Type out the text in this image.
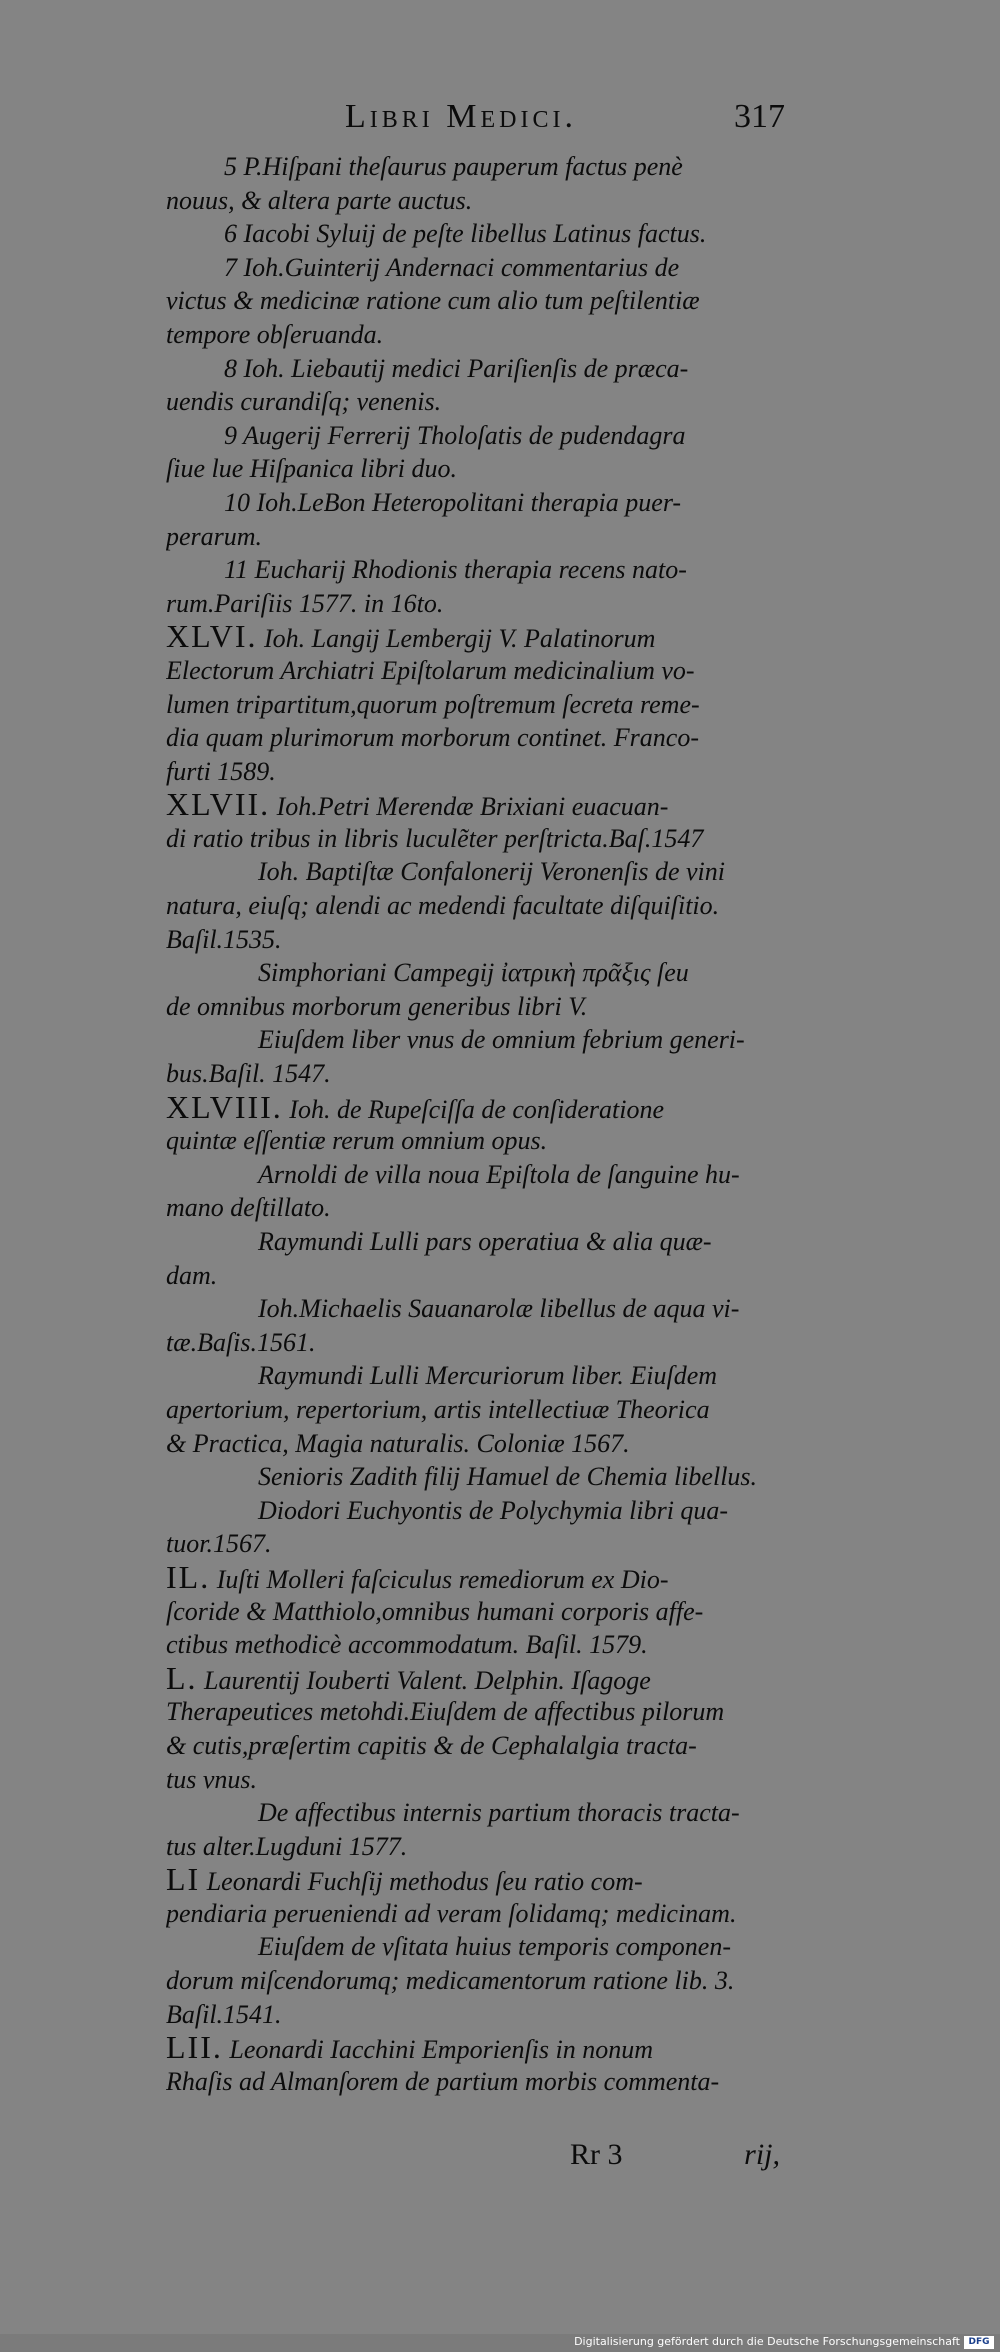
Libri Medici.	317
5 P.Hiſpani theſaurus pauperum factus penè
nouus, & altera parte auctus.
6 Iacobi Syluij de peſte libellus Latinus factus.
7 Ioh.Guinterij Andernaci commentarius de
victus & medicinæ ratione cum alio tum peſtilentiæ
tempore obſeruanda.
8 Ioh. Liebautij medici Pariſienſis de præca-
uendis curandiſq; venenis.
9 Augerij Ferrerij Tholoſatis de pudendagra
ſiue lue Hiſpanica libri duo.
10 Ioh.LeBon Heteropolitani therapia puer-
perarum.
11 Eucharij Rhodionis therapia recens nato-
rum.Pariſiis 1577. in 16to.
XLVI. Ioh. Langij Lembergij V. Palatinorum
Electorum Archiatri Epiſtolarum medicinalium vo-
lumen tripartitum,quorum poſtremum ſecreta reme-
dia quam plurimorum morborum continet. Franco-
furti 1589.
XLVII. Ioh.Petri Merendæ Brixiani euacuan-
di ratio tribus in libris luculẽter perſtricta.Baſ.1547
Ioh. Baptiſtæ Confalonerij Veronenſis de vini
natura, eiuſq; alendi ac medendi facultate diſquiſitio.
Baſil.1535.
Simphoriani Campegij ἰατρικὴ πρᾶξις ſeu
de omnibus morborum generibus libri V.
Eiuſdem liber vnus de omnium febrium generi-
bus.Baſil. 1547.
XLVIII. Ioh. de Rupeſciſſa de conſideratione
quintæ eſſentiæ rerum omnium opus.
Arnoldi de villa noua Epiſtola de ſanguine hu-
mano deſtillato.
Raymundi Lulli pars operatiua & alia quæ-
dam.
Ioh.Michaelis Sauanarolæ libellus de aqua vi-
tæ.Baſis.1561.
Raymundi Lulli Mercuriorum liber. Eiuſdem
apertorium, repertorium, artis intellectiuæ Theorica
& Practica, Magia naturalis. Coloniæ 1567.
Senioris Zadith filij Hamuel de Chemia libellus.
Diodori Euchyontis de Polychymia libri qua-
tuor.1567.
IL. Iuſti Molleri faſciculus remediorum ex Dio-
ſcoride & Matthiolo,omnibus humani corporis affe-
ctibus methodicè accommodatum. Baſil. 1579.
L. Laurentij Iouberti Valent. Delphin. Iſagoge
Therapeutices metohdi.Eiuſdem de affectibus pilorum
& cutis,præſertim capitis & de Cephalalgia tracta-
tus vnus.
De affectibus internis partium thoracis tracta-
tus alter.Lugduni 1577.
LI Leonardi Fuchſij methodus ſeu ratio com-
pendiaria perueniendi ad veram ſolidamq; medicinam.
Eiuſdem de vſitata huius temporis componen-
dorum miſcendorumq; medicamentorum ratione lib. 3.
Baſil.1541.
LII. Leonardi Iacchini Emporienſis in nonum
Rhaſis ad Almanſorem de partium morbis commenta-
Rr 3	rij,
Digitalisierung gefördert durch die Deutsche Forschungsgemeinschaft DFG
